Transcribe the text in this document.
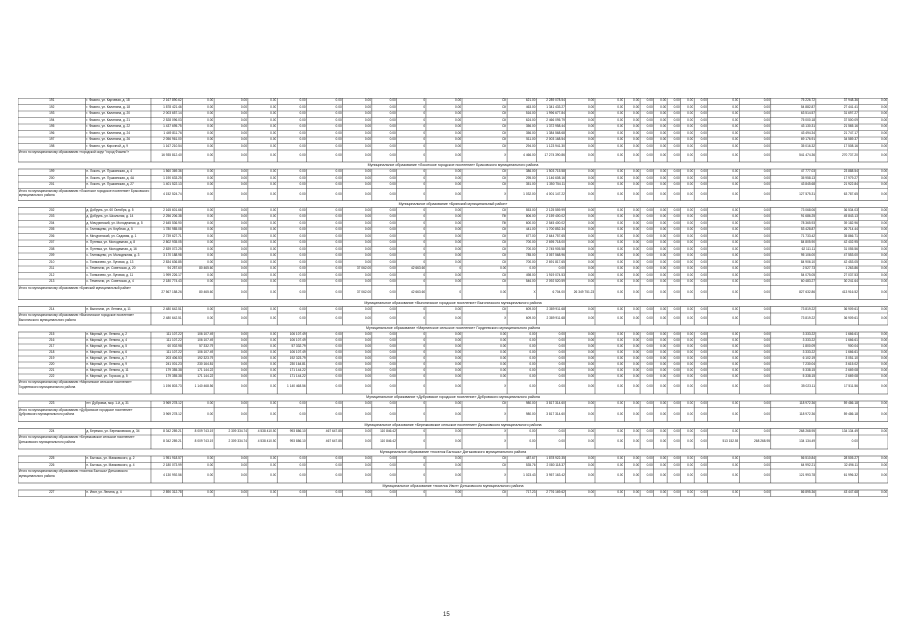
191	г. Фокино, ул. Карчевая, д. 18	2 167 890.62	0.00	0.00	0.00	0.00	0.00	0.00	0.00	0	0.00	СК	621.00	2 289 078.54	0.00	0.00	0.00	0.00	0.00	0.00	0.00	0.00	0.00	0.00	75 226.72	37 948.36	0.00
192	г. Фокино, ул. Калинина, д. 18	1 878 421.46	0.00	0.00	0.00	0.00	0.00	0.00	0.00	0	0.00	СК	463.00	1 341 433.27	0.00	0.00	0.00	0.00	0.00	0.00	0.00	0.00	0.00	0.00	54 882.87	27 441.41	0.00
193	г. Фокино, ул. Калинина, д. 20	2 003 657.14	0.00	0.00	0.00	0.00	0.00	0.00	0.00	0	0.00	СК	516.00	1 996 677.84	0.00	0.00	0.00	0.00	0.00	0.00	0.00	0.00	0.00	0.00	63 514.57	31 697.27	0.00
194	г. Фокино, ул. Калинина, д. 21	2 528 096.03	0.00	0.00	0.00	0.00	0.00	0.00	0.00	0	0.00	СК	624.00	2 466 095.79	0.00	0.00	0.00	0.00	0.00	0.00	0.00	0.00	0.00	0.00	75 000.18	37 500.09	0.00
195	г. Фокино, ул. Калинина, д. 22	1 437 695.75	0.00	0.00	0.00	0.00	0.00	0.00	0.00	0	0.00	СК	356.00	1 372 958.44	0.00	0.00	0.00	0.00	0.00	0.00	0.00	0.00	0.00	0.00	43 130.31	21 565.16	0.00
196	г. Фокино, ул. Калинина, д. 24	1 449 811.76	0.00	0.00	0.00	0.00	0.00	0.00	0.00	0	0.00	СК	356.00	1 384 568.68	0.00	0.00	0.00	0.00	0.00	0.00	0.00	0.00	0.00	0.00	43 494.34	21 747.17	0.00
197	г. Фокино, ул. Калинина, д. 26	2 056 961.00	0.00	0.00	0.00	0.00	0.00	0.00	0.00	0	0.00	СК	511.00	2 003 168.54	0.00	0.00	0.00	0.00	0.00	0.00	0.00	0.00	0.00	0.00	69 176.91	34 589.37	0.00
198	г. Фокино, ул. Кирочной, д. 9	1 167 210.54	0.00	0.00	0.00	0.00	0.00	0.00	0.00	0	0.00	СК	294.00	1 123 941.30	0.00	0.00	0.00	0.00	0.00	0.00	0.00	0.00	0.00	0.00	35 016.32	17 508.16	0.00
Итого по муниципальному образованию «городской округ "город Фокино"»
16 935 812.40	0.00	0.00	0.00	0.00	0.00	0.00	0.00	0	0.00	X	4 466.00	17 274 390.86	0.00	0.00	0.00	0.00	0.00	0.00	0.00	0.00	0.00	0.00	541 474.36	270 737.20	0.00
Муниципальное образование «Локотское городское поселение» Брасовского муниципального района
199	п. Локоть, ул. Пушкинская, д. 4	1 560 369.36	0.00	0.00	0.00	0.00	0.00	0.00	0.00	0	0.00	СК	386.00	1 503 715.58	0.00	0.00	0.00	0.00	0.00	0.00	0.00	0.00	0.00	0.00	47 777.03	23 888.54	0.00
200	п. Локоть, ул. Пушкинская, д. 4А	1 190 633.25	0.00	0.00	0.00	0.00	0.00	0.00	0.00	0	0.00	СК	295.00	1 146 608.16	0.00	0.00	0.00	0.00	0.00	0.00	0.00	0.00	0.00	0.00	35 958.13	17 979.27	0.00
201	п. Локоть, ул. Пушкинская, д. 27	1 401 522.13	0.00	0.00	0.00	0.00	0.00	0.00	0.00	0	0.00	СК	351.00	1 350 754.11	0.00	0.00	0.00	0.00	0.00	0.00	0.00	0.00	0.00	0.00	43 845.68	21 922.84	0.00
Итого по муниципальному образованию «Локотское городское поселение» Брасовского муниципального района	4 152 524.74	0.00	0.00	0.00	0.00	0.00	0.00	0.00	0	0.00	X	1 032.00	4 001 147.22	0.00	0.00	0.00	0.00	0.00	0.00	0.00	0.00	0.00	0.00	127 575.31	63 787.65	0.00
Муниципальное образование «Брянский муниципальный район»
202	д. Добрунь, ул. 60 Октября, д. 5	2 165 601.66	0.00	0.00	0.00	0.00	0.00	0.00	0.00	0	0.00	СК	553.00	2 125 559.99	0.00	0.00	0.00	0.00	0.00	0.00	0.00	0.00	0.00	0.00	73 068.06	36 534.03	0.00
203	д. Добрунь, ул. Школьная, д. 14	2 256 206.38	0.00	0.00	0.00	0.00	0.00	0.00	0.00	0	0.00	ПК	806.00	2 159 400.02	0.00	0.00	0.00	0.00	0.00	0.00	0.00	0.00	0.00	0.00	91 686.25	45 843.13	0.00
204	д. Мичуринский, ул. Молодежная, д. 5	2 645 536.90	0.00	0.00	0.00	0.00	0.00	0.00	0.00	0	0.00	ПК	600.00	2 545 400.02	0.00	0.00	0.00	0.00	0.00	0.00	0.00	0.00	0.00	0.00	78 365.93	39 182.96	0.00
205	с. Глинищево, ул. Клубная, д. 5	1 780 985.08	0.00	0.00	0.00	0.00	0.00	0.00	0.00	0	0.00	СК	441.00	1 700 852.34	0.00	0.00	0.00	0.00	0.00	0.00	0.00	0.00	0.00	0.00	53 428.87	26 714.44	0.00
206	п. Мичуринский, ул. Садовая, д. 1	2 739 627.71	0.00	0.00	0.00	0.00	0.00	0.00	0.00	0	0.00	СК	677.00	2 644 757.65	0.00	0.00	0.00	0.00	0.00	0.00	0.00	0.00	0.00	0.00	71 733.42	35 866.71	0.00
207	п. Путевка, ул. Молодежная, д. 8	2 802 935.05	0.00	0.00	0.00	0.00	0.00	0.00	0.00	0	0.00	СК	700.00	2 695 718.00	0.00	0.00	0.00	0.00	0.00	0.00	0.00	0.00	0.00	0.00	84 805.90	42 402.95	0.00
208	п. Путевка, ул. Молодежная, д. 16	2 839 072.25	0.00	0.00	0.00	0.00	0.00	0.00	0.00	0	0.00	СК	700.00	2 745 905.58	0.00	0.00	0.00	0.00	0.00	0.00	0.00	0.00	0.00	0.00	62 111.11	31 055.56	0.00
209	с. Глинищево, ул. Молодежная, д. 3	3 170 188.98	0.00	0.00	0.00	0.00	0.00	0.00	0.00	0	0.00	СК	785.00	3 057 568.96	0.00	0.00	0.00	0.00	0.00	0.00	0.00	0.00	0.00	0.00	95 106.00	47 553.00	0.00
210	с. Толмачево, ул. Луговая, д. 13	2 834 636.85	0.00	0.00	0.00	0.00	0.00	0.00	0.00	0	0.00	СК	700.00	2 691 817.65	0.00	0.00	0.00	0.00	0.00	0.00	0.00	0.00	0.00	0.00	84 906.10	42 453.05	0.00
211	с. Теменичи, ул. Советская, д. 20	94 257.60	80 465.60	0.00	0.00	0.00	0.00	37 062.00	0.00	42 663.60	0	0.00	0.00	0.00	0.00	0.00	0.00	0.00	0.00	0.00	0.00	0.00	0.00	0.00	2 527.73	1 263.86	0.00
212	с. Толмачево, ул. Луговая, д. 11	1 999 226.17	0.00	0.00	0.00	0.00	0.00	0.00	0.00	0	0.00	СК	498.00	1 919 074.53	0.00	0.00	0.00	0.00	0.00	0.00	0.00	0.00	0.00	0.00	54 075.05	27 037.53	0.00
213	с. Теменичи, ул. Советская, д. 4	2 180 774.43	0.00	0.00	0.00	0.00	0.00	0.00	0.00	0	0.00	СК	546.00	2 092 520.59	0.00	0.00	0.00	0.00	0.00	0.00	0.00	0.00	0.00	0.00	60 483.27	30 241.64	0.00
Итого по муниципальному образованию «Брянский муниципальный район»
27 567 158.26	80 465.60	0.00	0.00	0.00	0.00	37 062.00	0.00	42 663.60	0	0.00	X	6 704.00	26 349 751.23	0.00	0.00	0.00	0.00	0.00	0.00	0.00	0.00	0.00	827 632.86	413 916.52	0.00
Муниципальное образование «Выгоничское городское поселение» Выгоничского муниципального района
214	п. Выгоничи, ул. Ленина, д. 11	2 480 642.51	0.00	0.00	0.00	0.00	0.00	0.00	0.00	0	0.00	СК	609.00	2 389 911.68	0.00	0.00	0.00	0.00	0.00	0.00	0.00	0.00	0.00	0.00	73 819.22	36 909.61	0.00
Итого по муниципальному образованию «Выгоничское городское поселение» Выгоничского муниципального района	2 480 642.51	0.00	0.00	0.00	0.00	0.00	0.00	0.00	0	0.00	X	609.00	2 389 911.68	0.00	0.00	0.00	0.00	0.00	0.00	0.00	0.00	0.00	0.00	73 819.22	36 909.61	0.00
Муниципальное образование «Мирнинское сельское поселение» Гордеевского муниципального района
215	п. Мирный, ул. Ленина, д. 2	111 107.22	106 107.49	0.00	0.00	106 107.49	0.00	0.00	0.00	0	0.00	0.00	0.00	0.00	0.00	0.00	0.00	0.00	0.00	0.00	0.00	0.00	0.00	0.00	3 333.22	1 666.61	0.00
216	п. Мирный, ул. Ленина, д. 4	111 107.22	106 107.49	0.00	0.00	106 107.49	0.00	0.00	0.00	0	0.00	0.00	0.00	0.00	0.00	0.00	0.00	0.00	0.00	0.00	0.00	0.00	0.00	0.00	3 333.22	1 666.61	0.00
217	п. Мирный, ул. Ленина, д. 5	60 002.98	57 332.79	0.00	0.00	57 332.79	0.00	0.00	0.00	0	0.00	0.00	0.00	0.00	0.00	0.00	0.00	0.00	0.00	0.00	0.00	0.00	0.00	0.00	1 800.09	900.04	0.00
218	п. Мирный, ул. Ленина, д. 6	111 107.22	106 107.49	0.00	0.00	106 107.49	0.00	0.00	0.00	0	0.00	0.00	0.00	0.00	0.00	0.00	0.00	0.00	0.00	0.00	0.00	0.00	0.00	0.00	3 333.22	1 666.61	0.00
219	п. Мирный, ул. Ленина, д. 7	203 406.53	192 323.79	0.00	0.00	192 323.79	0.00	0.00	0.00	0	0.00	0.00	0.00	0.00	0.00	0.00	0.00	0.00	0.00	0.00	0.00	0.00	0.00	0.00	6 102.19	3 051.10	0.00
220	п. Мирный, ул. Ленина, д. 9	241 001.23	230 164.81	0.00	0.00	230 164.81	0.00	0.00	0.00	0	0.00	0.00	0.00	0.00	0.00	0.00	0.00	0.00	0.00	0.00	0.00	0.00	0.00	0.00	7 230.04	3 615.02	0.00
221	п. Мирный, ул. Ленина, д. 11	179 355.38	171 144.22	0.00	0.00	171 144.22	0.00	0.00	0.00	0	0.00	0.00	0.00	0.00	0.00	0.00	0.00	0.00	0.00	0.00	0.00	0.00	0.00	0.00	5 338.15	2 669.08	0.00
222	п. Мирный, ул. Горская, д. 5	179 355.38	171 144.22	0.00	0.00	171 144.22	0.00	0.00	0.00	0	0.00	0.00	0.00	0.00	0.00	0.00	0.00	0.00	0.00	0.00	0.00	0.00	0.00	0.00	5 338.15	2 669.08	0.00
Итого по муниципальному образованию «Мирнинское сельское поселение» Гордеевского муниципального района	1 196 803.73	1 140 468.56	0.00	0.00	1 140 468.56	0.00	0.00	0.00	0	0.00	X	0.00	0.00	0.00	0.00	0.00	0.00	0.00	0.00	0.00	0.00	0.00	0.00	35 023.11	17 511.56	0.00
Муниципальное образование «Дубровское городское поселение» Дубровского муниципального района
223	пгт. Дубровка, мкр. 1-й, д. 31	3 969 278.12	0.00	0.00	0.00	0.00	0.00	0.00	0.00	0	0.00	СК	980.00	3 817 314.60	0.00	0.00	0.00	0.00	0.00	0.00	0.00	0.00	0.00	0.00	118 972.36	59 486.18	0.00
Итого по муниципальному образованию «Дубровское городское поселение» Дубровского муниципального района	3 969 278.12	0.00	0.00	0.00	0.00	0.00	0.00	0.00	0	0.00	X	980.00	3 817 314.60	0.00	0.00	0.00	0.00	0.00	0.00	0.00	0.00	0.00	0.00	118 972.36	59 486.18	0.00
Муниципальное образование «Бережковское сельское поселение» Дятьковского муниципального района
224	д. Бережок, ул. Бережковская, д. 34	8 342 289.21	8 009 743.19	2 309 334.74	4 538 410.50	993 886.10	467 647.85	0.00	110 846.42	0	0.00	Х	0.00	0.00	0.00	0.00	0.00	0.00	0.00	0.00	0.00	0.00	0.00	0.00	268 268.95	134 134.49	0.00
Итого по муниципальному образованию «Бережковское сельское поселение» Дятьковского муниципального района	8 342 289.21	8 009 743.19	2 309 334.74	4 538 410.50	993 886.10	467 647.85	0.00	110 846.42	0	0.00	X	0.00	0.00	0.00	0.00	0.00	0.00	0.00	0.00	0.00	0.00	513 152.55	268 268.95	134 134.49	0.00
Муниципальное образование «поселок Бытошь» Дятьковского муниципального района
225	п. Бытошь, ул. Маяковского, д. 2	1 951 918.57	0.00	0.00	0.00	0.00	0.00	0.00	0.00	0	0.00	СК	487.67	1 878 922.35	0.00	0.00	0.00	0.00	0.00	0.00	0.00	0.00	0.00	0.00	56 510.84	28 505.27	0.00
226	п. Бытошь, ул. Маяковского, д. 4	2 180 073.99	0.00	0.00	0.00	0.00	0.00	0.00	0.00	0	0.00	СК	535.76	2 080 118.37	0.00	0.00	0.00	0.00	0.00	0.00	0.00	0.00	0.00	0.00	64 992.21	32 496.11	0.00
Итого по муниципальному образованию «поселок Бытошь» Дятьковского муниципального района	4 130 992.56	0.00	0.00	0.00	0.00	0.00	0.00	0.00	0	0.00	X	1 023.43	3 957 163.42	0.00	0.00	0.00	0.00	0.00	0.00	0.00	0.00	0.00	0.00	121 993.78	61 996.32	0.00
Муниципальное образование «поселок Ивот» Дятьковского муниципального района
227	п. Ивот, ул. Ленина, д. 4	2 890 312.78	0.00	0.00	0.00	0.00	0.00	0.00	0.00	0	0.00	СК	717.23	2 776 169.62	0.00	0.00	0.00	0.00	0.00	0.00	0.00	0.00	0.00	0.00	86 895.36	43 447.68	0.00
15
